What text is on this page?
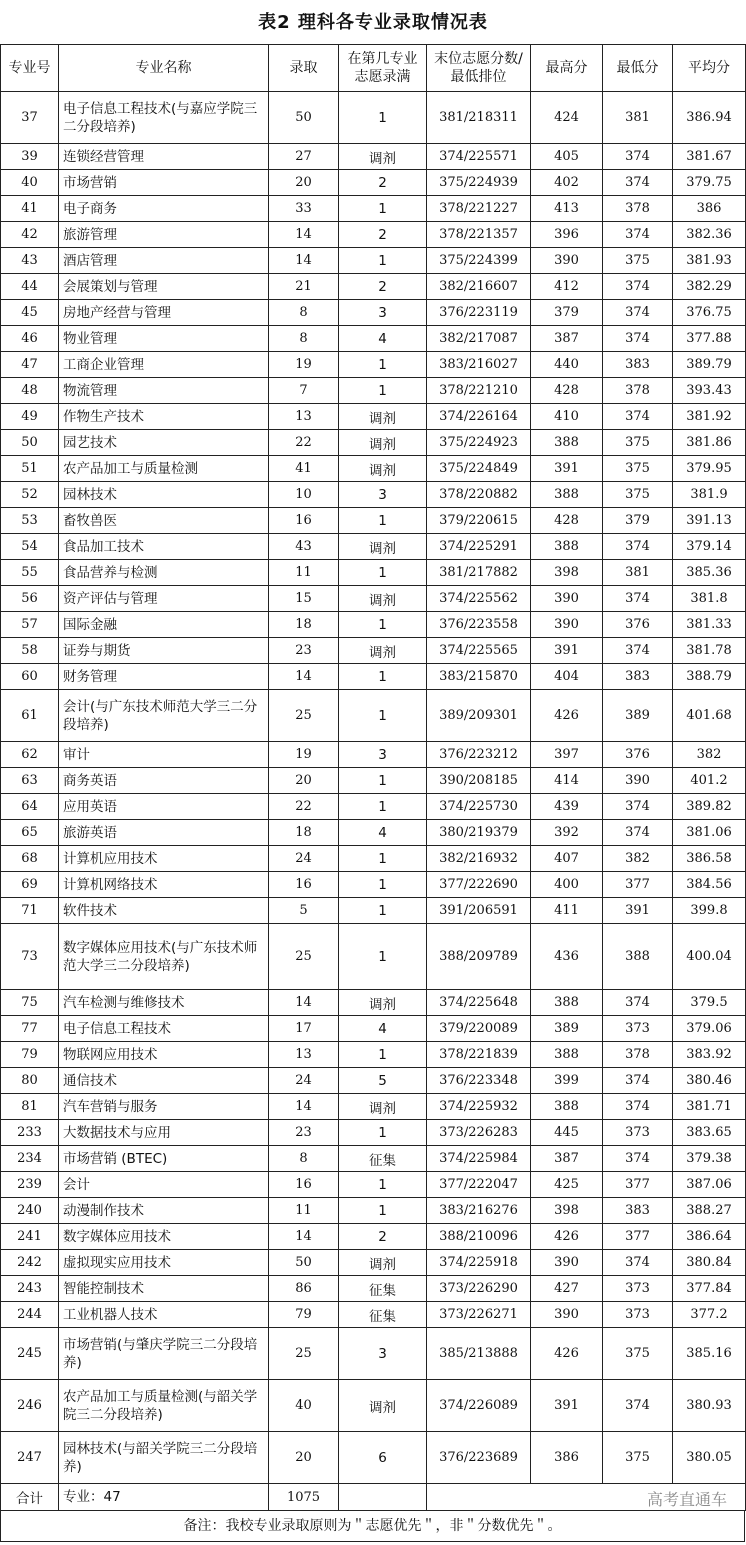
表2 理科各专业录取情况表
专业号	专业名称	录取	在第几专业志愿录满	末位志愿分数/最低排位	最高分	最低分	平均分
37	电子信息工程技术(与嘉应学院三二分段培养)	50	1	381/218311	424	381	386.94
39	连锁经营管理	27	调剂	374/225571	405	374	381.67
40	市场营销	20	2	375/224939	402	374	379.75
41	电子商务	33	1	378/221227	413	378	386
42	旅游管理	14	2	378/221357	396	374	382.36
43	酒店管理	14	1	375/224399	390	375	381.93
44	会展策划与管理	21	2	382/216607	412	374	382.29
45	房地产经营与管理	8	3	376/223119	379	374	376.75
46	物业管理	8	4	382/217087	387	374	377.88
47	工商企业管理	19	1	383/216027	440	383	389.79
48	物流管理	7	1	378/221210	428	378	393.43
49	作物生产技术	13	调剂	374/226164	410	374	381.92
50	园艺技术	22	调剂	375/224923	388	375	381.86
51	农产品加工与质量检测	41	调剂	375/224849	391	375	379.95
52	园林技术	10	3	378/220882	388	375	381.9
53	畜牧兽医	16	1	379/220615	428	379	391.13
54	食品加工技术	43	调剂	374/225291	388	374	379.14
55	食品营养与检测	11	1	381/217882	398	381	385.36
56	资产评估与管理	15	调剂	374/225562	390	374	381.8
57	国际金融	18	1	376/223558	390	376	381.33
58	证券与期货	23	调剂	374/225565	391	374	381.78
60	财务管理	14	1	383/215870	404	383	388.79
61	会计(与广东技术师范大学三二分段培养)	25	1	389/209301	426	389	401.68
62	审计	19	3	376/223212	397	376	382
63	商务英语	20	1	390/208185	414	390	401.2
64	应用英语	22	1	374/225730	439	374	389.82
65	旅游英语	18	4	380/219379	392	374	381.06
68	计算机应用技术	24	1	382/216932	407	382	386.58
69	计算机网络技术	16	1	377/222690	400	377	384.56
71	软件技术	5	1	391/206591	411	391	399.8
73	数字媒体应用技术(与广东技术师范大学三二分段培养)	25	1	388/209789	436	388	400.04
75	汽车检测与维修技术	14	调剂	374/225648	388	374	379.5
77	电子信息工程技术	17	4	379/220089	389	373	379.06
79	物联网应用技术	13	1	378/221839	388	378	383.92
80	通信技术	24	5	376/223348	399	374	380.46
81	汽车营销与服务	14	调剂	374/225932	388	374	381.71
233	大数据技术与应用	23	1	373/226283	445	373	383.65
234	市场营销 (BTEC)	8	征集	374/225984	387	374	379.38
239	会计	16	1	377/222047	425	377	387.06
240	动漫制作技术	11	1	383/216276	398	383	388.27
241	数字媒体应用技术	14	2	388/210096	426	377	386.64
242	虚拟现实应用技术	50	调剂	374/225918	390	374	380.84
243	智能控制技术	86	征集	373/226290	427	373	377.84
244	工业机器人技术	79	征集	373/226271	390	373	377.2
245	市场营销(与肇庆学院三二分段培养)	25	3	385/213888	426	375	385.16
246	农产品加工与质量检测(与韶关学院三二分段培养)	40	调剂	374/226089	391	374	380.93
247	园林技术(与韶关学院三二分段培养)	20	6	376/223689	386	375	380.05
合计	专业：47	1075		高考直通车			
备注：我校专业录取原则为＂志愿优先＂，非＂分数优先＂。
